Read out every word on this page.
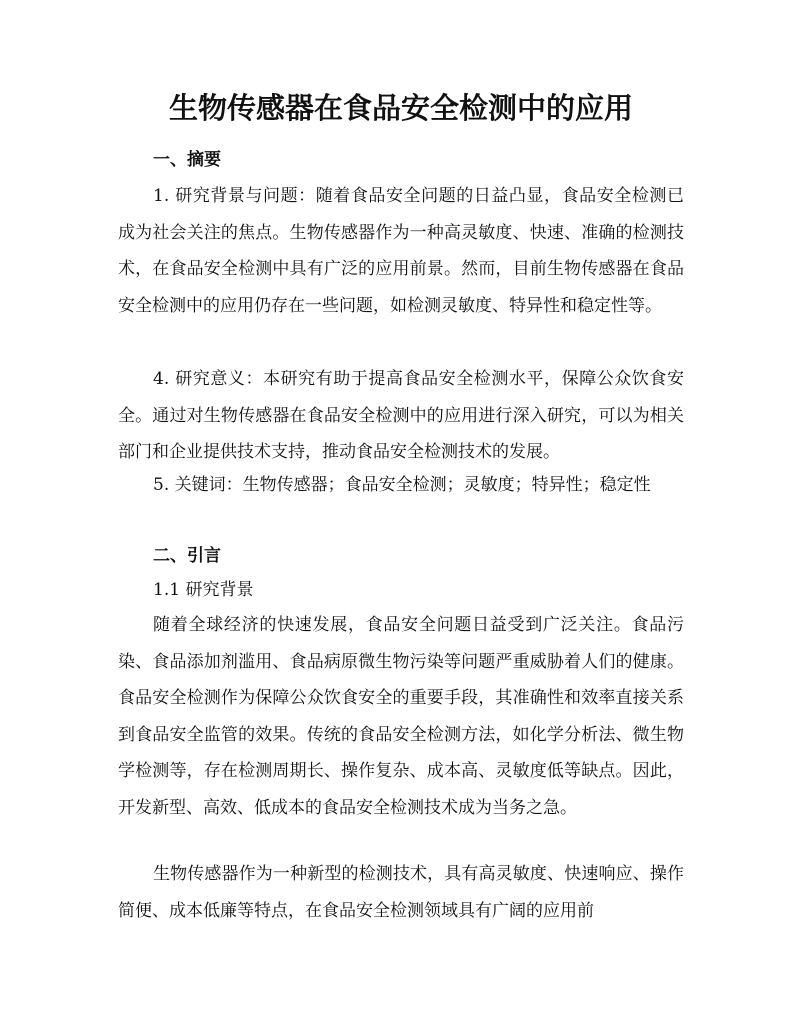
生物传感器在食品安全检测中的应用
一、摘要

1. 研究背景与问题：随着食品安全问题的日益凸显，食品安全检测已成为社会关注的焦点。生物传感器作为一种高灵敏度、快速、准确的检测技术，在食品安全检测中具有广泛的应用前景。然而，目前生物传感器在食品安全检测中的应用仍存在一些问题，如检测灵敏度、特异性和稳定性等。

4. 研究意义：本研究有助于提高食品安全检测水平，保障公众饮食安全。通过对生物传感器在食品安全检测中的应用进行深入研究，可以为相关部门和企业提供技术支持，推动食品安全检测技术的发展。

5. 关键词：生物传感器；食品安全检测；灵敏度；特异性；稳定性

二、引言

1.1 研究背景

随着全球经济的快速发展，食品安全问题日益受到广泛关注。食品污染、食品添加剂滥用、食品病原微生物污染等问题严重威胁着人们的健康。食品安全检测作为保障公众饮食安全的重要手段，其准确性和效率直接关系到食品安全监管的效果。传统的食品安全检测方法，如化学分析法、微生物学检测等，存在检测周期长、操作复杂、成本高、灵敏度低等缺点。因此，开发新型、高效、低成本的食品安全检测技术成为当务之急。

生物传感器作为一种新型的检测技术，具有高灵敏度、快速响应、操作简便、成本低廉等特点，在食品安全检测领域具有广阔的应用前
